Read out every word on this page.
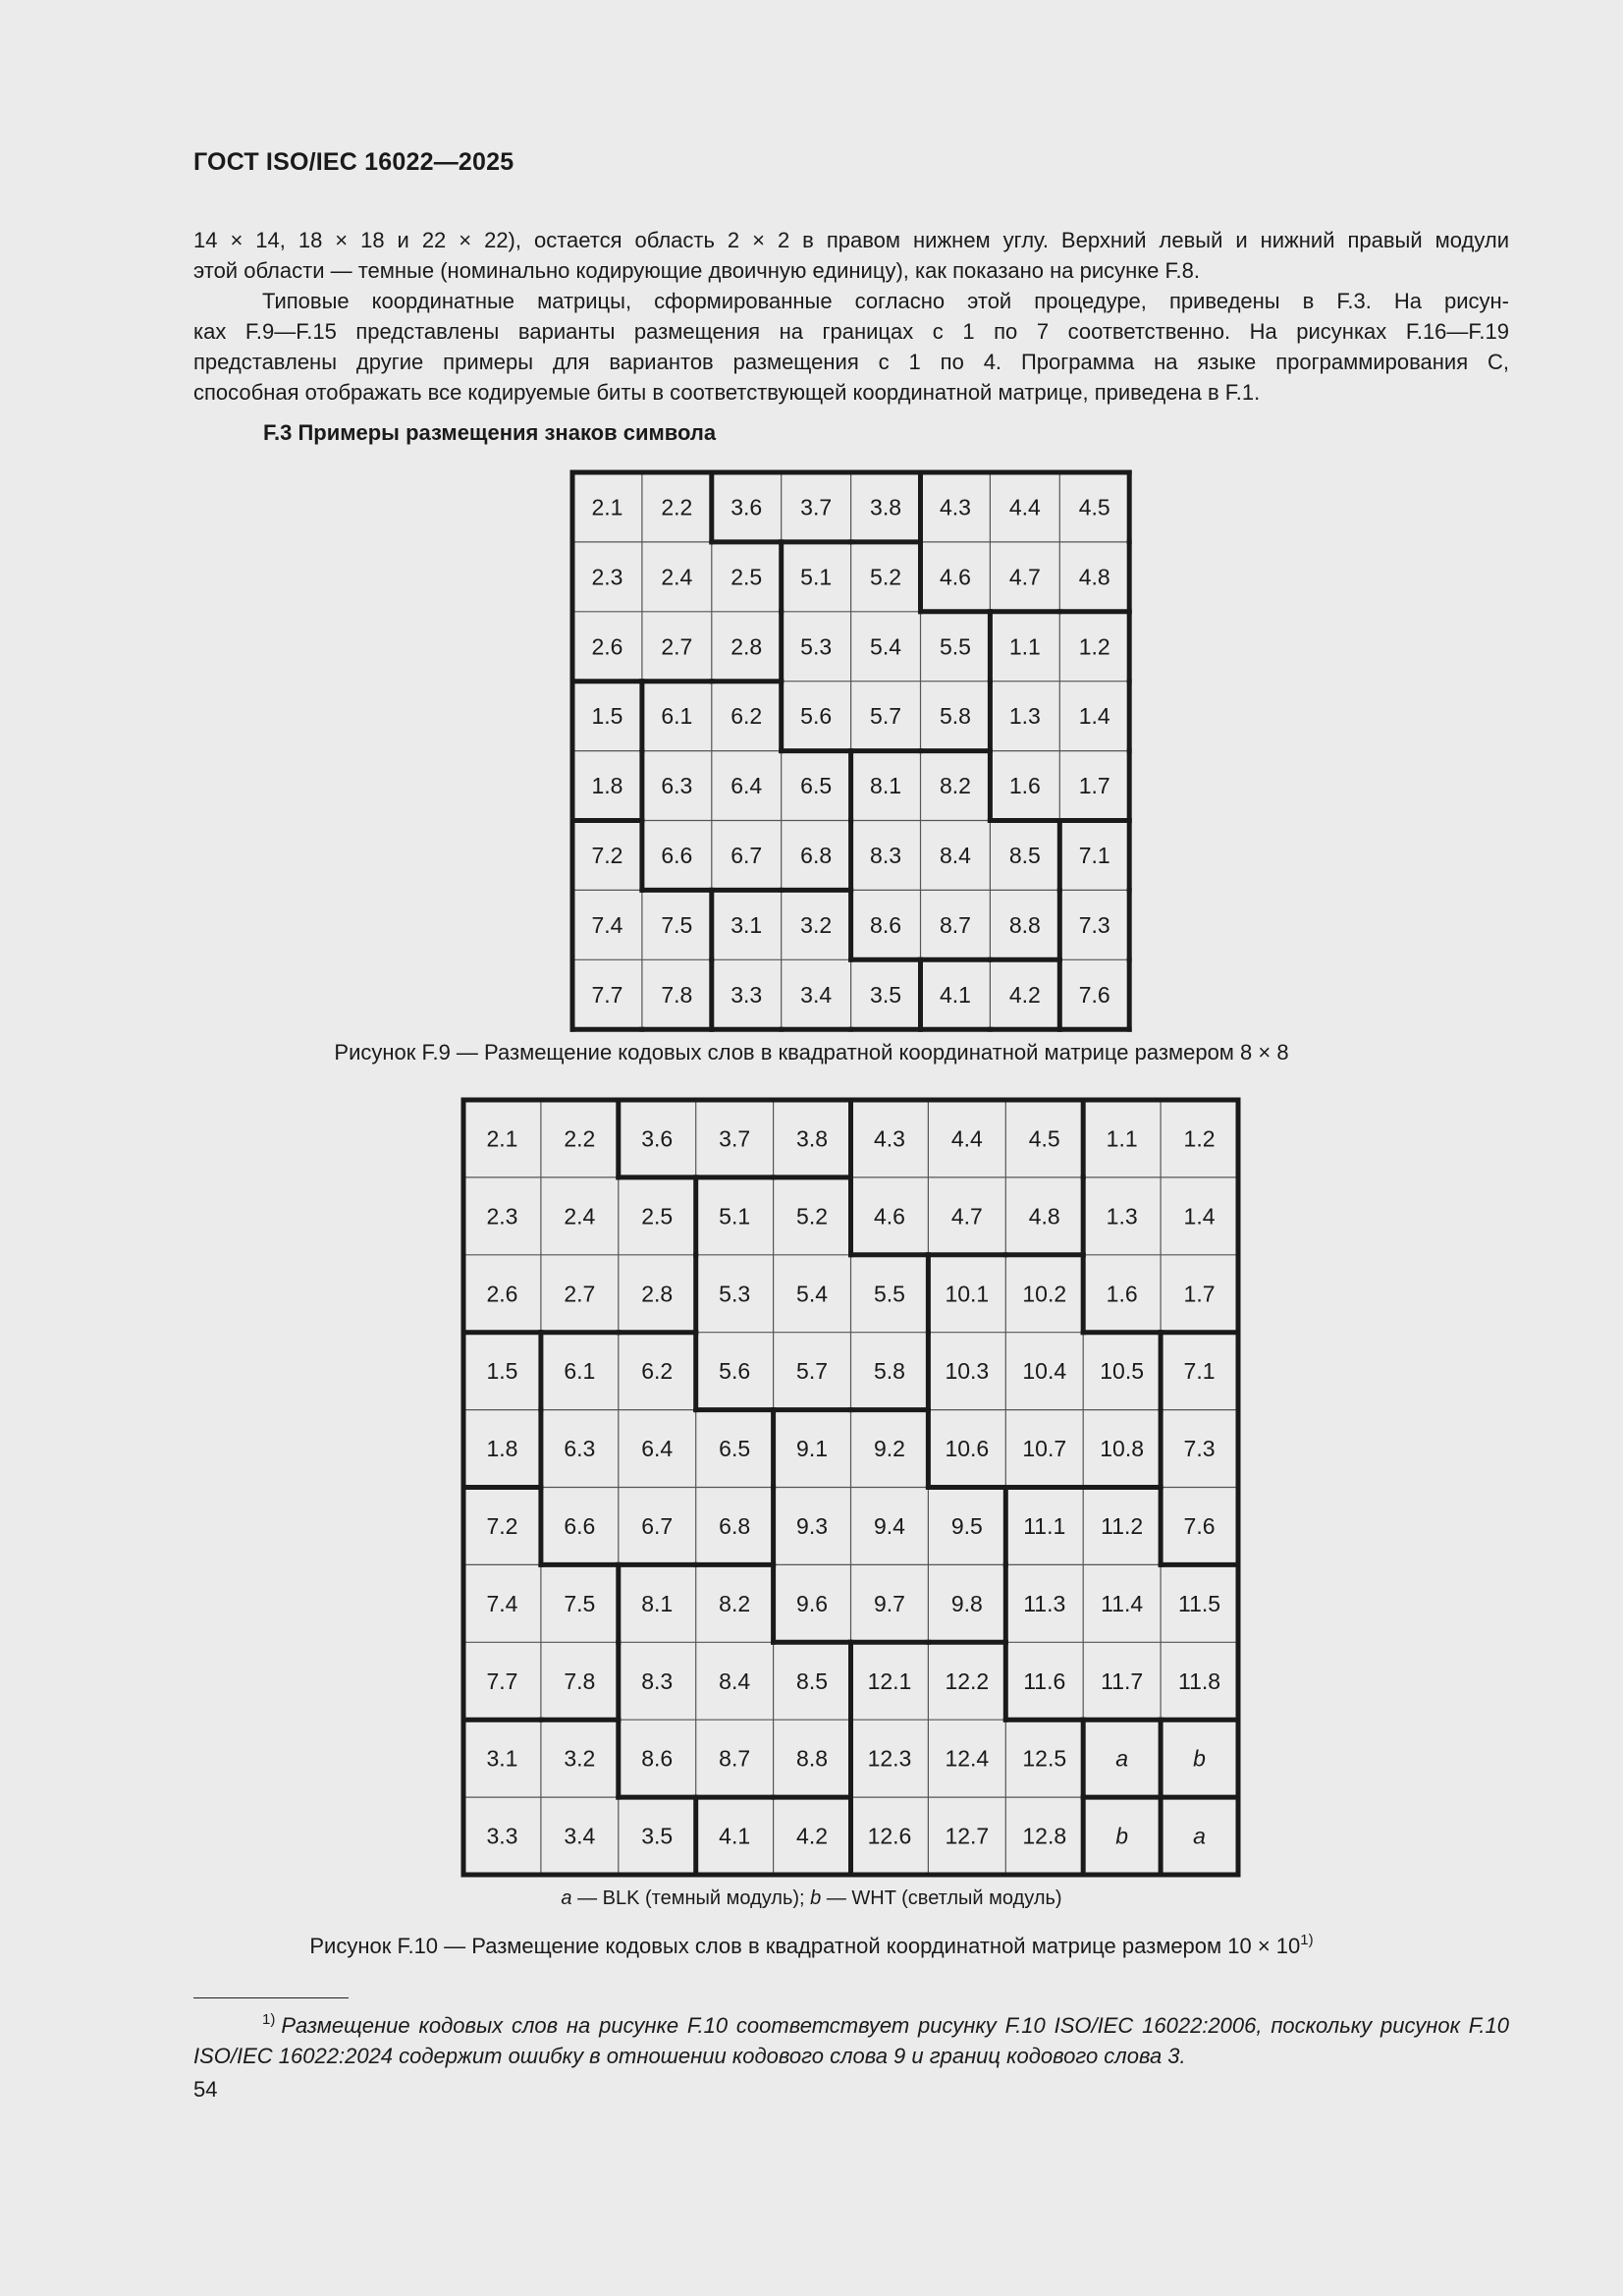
ГОСТ ISO/IEC 16022—2025

14 × 14, 18 × 18 и 22 × 22), остается область 2 × 2 в правом нижнем углу. Верхний левый и нижний правый модули

этой области — темные (номинально кодирующие двоичную единицу), как показано на рисунке F.8.

Типовые координатные матрицы, сформированные согласно этой процедуре, приведены в F.3. На рисун-

ках F.9—F.15 представлены варианты размещения на границах с 1 по 7 соответственно. На рисунках F.16—F.19

представлены другие примеры для вариантов размещения с 1 по 4. Программа на языке программирования C,

способная отображать все кодируемые биты в соответствующей координатной матрице, приведена в F.1.

F.3 Примеры размещения знаков символа
2.1 2.2 3.6 3.7 3.8 4.3 4.4 4.5
2.3 2.4 2.5 5.1 5.2 4.6 4.7 4.8
2.6 2.7 2.8 5.3 5.4 5.5 1.1 1.2
1.5 6.1 6.2 5.6 5.7 5.8 1.3 1.4
1.8 6.3 6.4 6.5 8.1 8.2 1.6 1.7
7.2 6.6 6.7 6.8 8.3 8.4 8.5 7.1
7.4 7.5 3.1 3.2 8.6 8.7 8.8 7.3
7.7 7.8 3.3 3.4 3.5 4.1 4.2 7.6
Рисунок F.9 — Размещение кодовых слов в квадратной координатной матрице размером 8 × 8
2.1 2.2 3.6 3.7 3.8 4.3 4.4 4.5 1.1 1.2
2.3 2.4 2.5 5.1 5.2 4.6 4.7 4.8 1.3 1.4
2.6 2.7 2.8 5.3 5.4 5.5 10.1 10.2 1.6 1.7
1.5 6.1 6.2 5.6 5.7 5.8 10.3 10.4 10.5 7.1
1.8 6.3 6.4 6.5 9.1 9.2 10.6 10.7 10.8 7.3
7.2 6.6 6.7 6.8 9.3 9.4 9.5 11.1 11.2 7.6
7.4 7.5 8.1 8.2 9.6 9.7 9.8 11.3 11.4 11.5
7.7 7.8 8.3 8.4 8.5 12.1 12.2 11.6 11.7 11.8
3.1 3.2 8.6 8.7 8.8 12.3 12.4 12.5 a	b
3.3 3.4 3.5 4.1 4.2 12.6 12.7 12.8 b	a
a — BLK (темный модуль); b — WHT (светлый модуль)
Рисунок F.10 — Размещение кодовых слов в квадратной координатной матрице размером $10 \times 10^{1)}$

$^{1)}$ Размещение кодовых слов на рисунке F.10 соответствует рисунку F.10 ISO/IEC 16022:2006, поскольку рисунок F.10 ISO/IEC 16022:2024 содержит ошибку в отношении кодового слова 9 и границ кодового слова 3.

54
